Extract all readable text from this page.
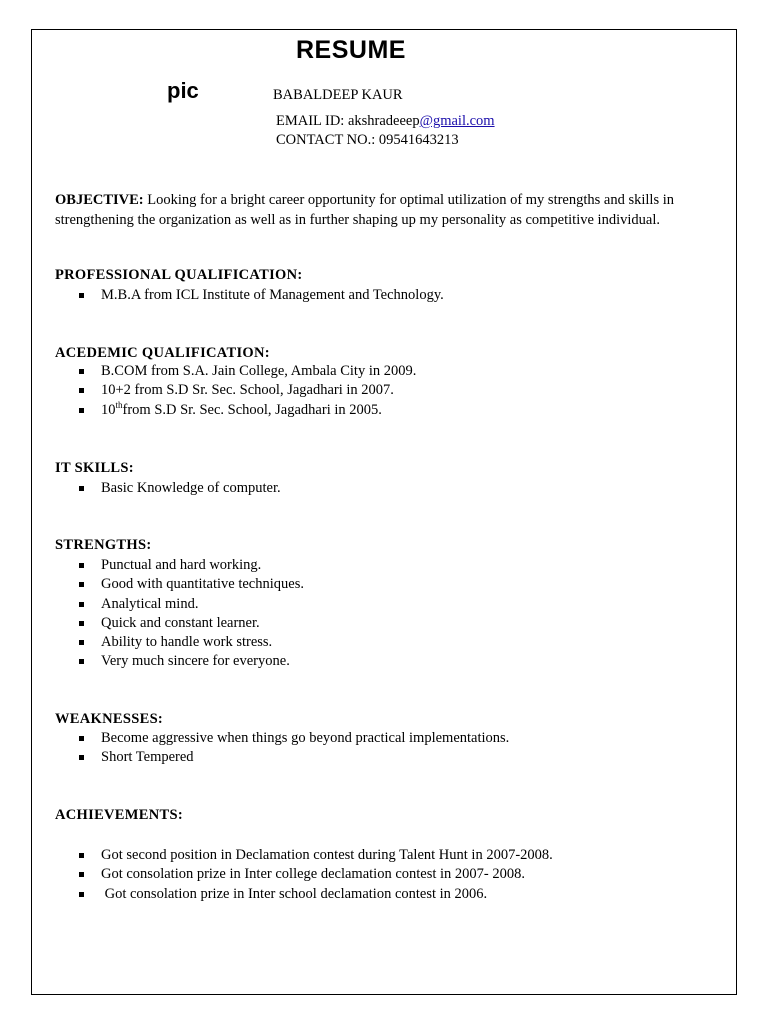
RESUME
pic	BABALDEEP KAUR
EMAIL ID: akshradeeep@gmail.com
CONTACT NO.: 09541643213
OBJECTIVE: Looking for a bright career opportunity for optimal utilization of my strengths and skills in strengthening the organization as well as in further shaping up my personality as competitive individual.
PROFESSIONAL QUALIFICATION:
M.B.A from ICL Institute of Management and Technology.
ACEDEMIC QUALIFICATION:
B.COM from S.A. Jain College, Ambala City in 2009.
10+2 from S.D Sr. Sec. School, Jagadhari in 2007.
10thfrom S.D Sr. Sec. School, Jagadhari in 2005.
IT SKILLS:
Basic Knowledge of computer.
STRENGTHS:
Punctual and hard working.
Good with quantitative techniques.
Analytical mind.
Quick and constant learner.
Ability to handle work stress.
Very much sincere for everyone.
WEAKNESSES:
Become aggressive when things go beyond practical implementations.
Short Tempered
ACHIEVEMENTS:
Got second position in Declamation contest during Talent Hunt in 2007-2008.
Got consolation prize in Inter college declamation contest in 2007- 2008.
Got consolation prize in Inter school declamation contest in 2006.
